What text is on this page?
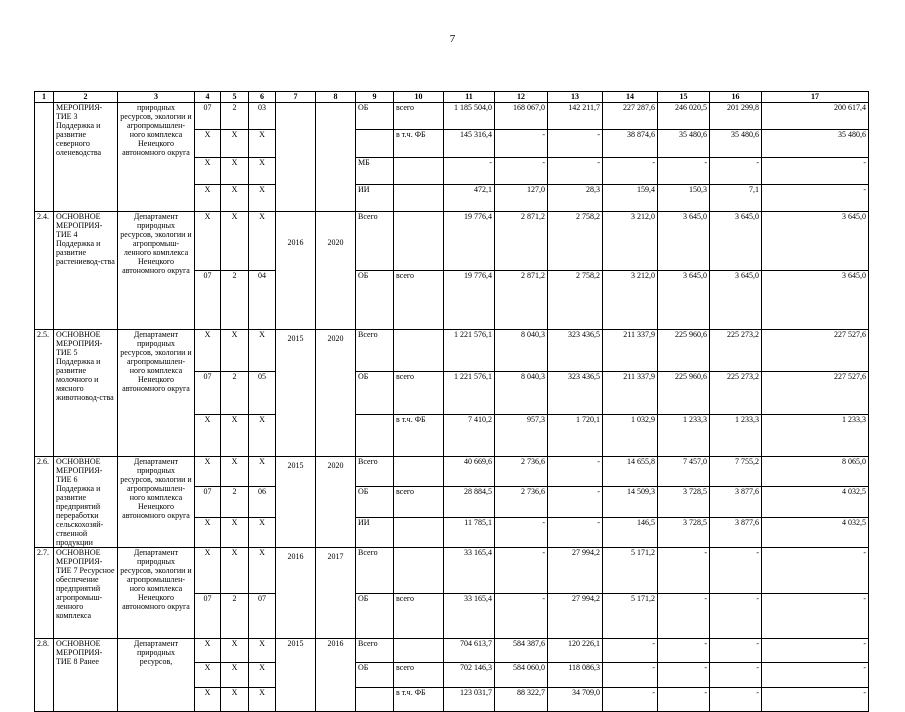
7
1	2	3	4	5	6	7	8	9	10	11	12	13	14	15	16	17	
	МЕРОПРИЯ-ТИЕ 3 Поддержка и развитие северного оленеводства	природных ресурсов, экологии и агропромышлен-ного комплекса Ненецкого автономного округа	07	2	03			ОБ	всего	1 185 504,0	168 067,0	142 211,7	227 287,6	246 020,5	201 299,8	200 617,4	
			X	X	X				в т.ч. ФБ	145 316,4	-	-	38 874,6	35 480,6	35 480,6	35 480,6	
			X	X	X			МБ		-	-	-	-	-	-	-	
			X	X	X			ИИ		472,1	127,0	28,3	159,4	150,3	7,1	-	
2.4.	ОСНОВНОЕ МЕРОПРИЯ-ТИЕ 4 Поддержка и развитие растениевод-ства	Департамент природных ресурсов, экологии и агропромыш-ленного комплекса Ненецкого автономного округа	X	X	X	2016	2020	Всего		19 776,4	2 871,2	2 758,2	3 212,0	3 645,0	3 645,0	3 645,0	
			07	2	04			ОБ	всего	19 776,4	2 871,2	2 758,2	3 212,0	3 645,0	3 645,0	3 645,0	
2.5.	ОСНОВНОЕ МЕРОПРИЯ-ТИЕ 5 Поддержка и развитие молочного и мясного животновод-ства	Департамент природных ресурсов, экологии и агропромышлен-ного комплекса Ненецкого автономного округа	X	X	X	2015	2020	Всего		1 221 576,1	8 040,3	323 436,5	211 337,9	225 960,6	225 273,2	227 527,6	
			07	2	05			ОБ	всего	1 221 576,1	8 040,3	323 436,5	211 337,9	225 960,6	225 273,2	227 527,6	
			X	X	X				в т.ч. ФБ	7 410,2	957,3	1 720,1	1 032,9	1 233,3	1 233,3	1 233,3	
2.6.	ОСНОВНОЕ МЕРОПРИЯ-ТИЕ 6 Поддержка и развитие предприятий переработки сельскохозяй-ственной продукции	Департамент природных ресурсов, экологии и агропромышлен-ного комплекса Ненецкого автономного округа	X	X	X	2015	2020	Всего		40 669,6	2 736,6	-	14 655,8	7 457,0	7 755,2	8 065,0	
			07	2	06			ОБ	всего	28 884,5	2 736,6	-	14 509,3	3 728,5	3 877,6	4 032,5	
			X	X	X			ИИ		11 785,1	-	-	146,5	3 728,5	3 877,6	4 032,5	
2.7.	ОСНОВНОЕ МЕРОПРИЯ-ТИЕ 7 Ресурсное обеспечение предприятий агропромыш-ленного комплекса	Департамент природных ресурсов, экологии и агропромышлен-ного комплекса Ненецкого автономного округа	X	X	X	2016	2017	Всего		33 165,4	-	27 994,2	5 171,2	-	-	-	
			07	2	07			ОБ	всего	33 165,4	-	27 994,2	5 171,2	-	-	-	
2.8.	ОСНОВНОЕ МЕРОПРИЯ-ТИЕ 8 Ранее	Департамент природных ресурсов,	X	X	X	2015	2016	Всего		704 613,7	584 387,6	120 226,1	-	-	-	-	
			X	X	X			ОБ	всего	702 146,3	584 060,0	118 086,3	-	-	-	-	
			X	X	X				в т.ч. ФБ	123 031,7	88 322,7	34 709,0	-	-	-	-	
